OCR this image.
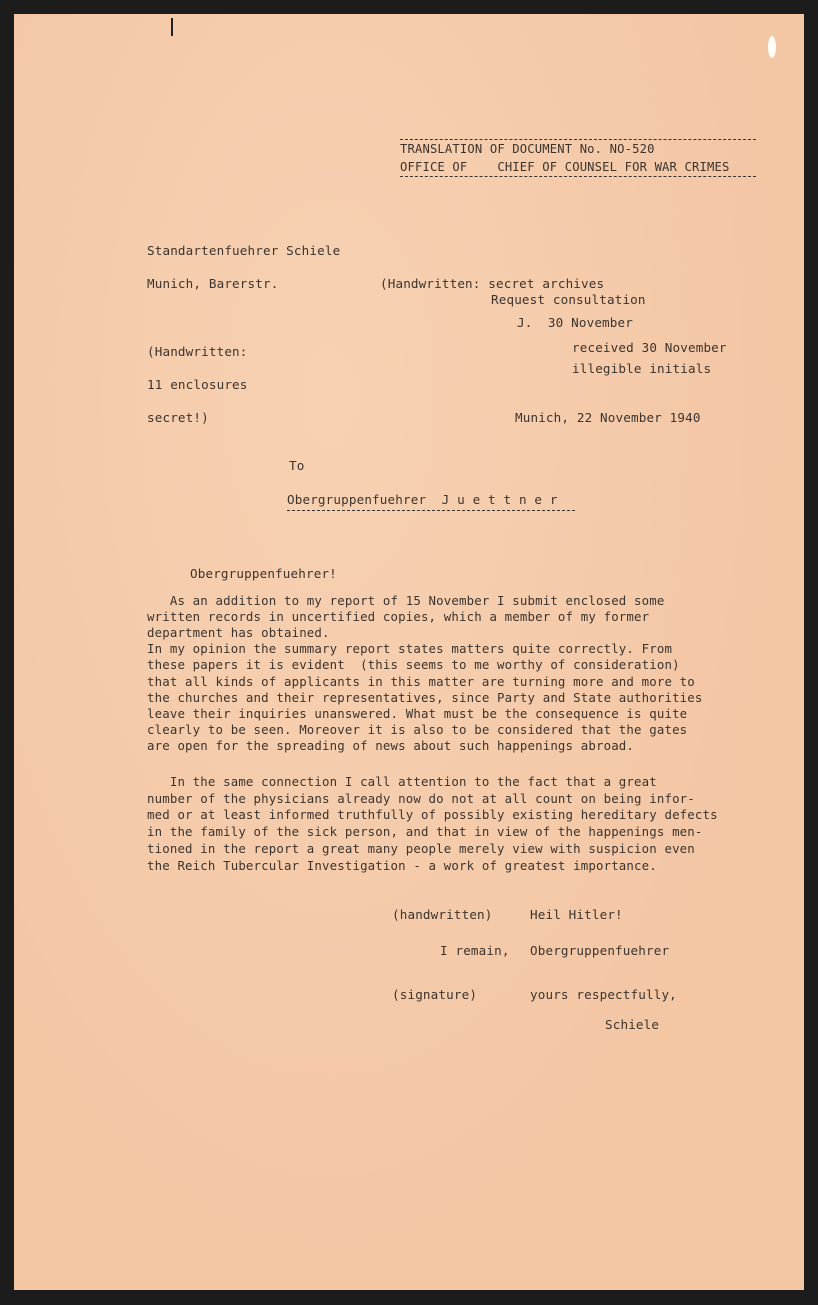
TRANSLATION OF DOCUMENT No. NO-520
OFFICE OF    CHIEF OF COUNSEL FOR WAR CRIMES
Standartenfuehrer Schiele
Munich, Barerstr.	(Handwritten: secret archives
Request consultation
J.  30 November
received 30 November
illegible initials
(Handwritten:
11 enclosures
secret!)	Munich, 22 November 1940
To
Obergruppenfuehrer  J u e t t n e r
Obergruppenfuehrer!
As an addition to my report of 15 November I submit enclosed some
written records in uncertified copies, which a member of my former
department has obtained.
In my opinion the summary report states matters quite correctly. From
these papers it is evident  (this seems to me worthy of consideration)
that all kinds of applicants in this matter are turning more and more to
the churches and their representatives, since Party and State authorities
leave their inquiries unanswered. What must be the consequence is quite
clearly to be seen. Moreover it is also to be considered that the gates
are open for the spreading of news about such happenings abroad.
In the same connection I call attention to the fact that a great
number of the physicians already now do not at all count on being infor-
med or at least informed truthfully of possibly existing hereditary defects
in the family of the sick person, and that in view of the happenings men-
tioned in the report a great many people merely view with suspicion even
the Reich Tubercular Investigation - a work of greatest importance.
(handwritten)	Heil Hitler!
I remain, Obergruppenfuehrer
(signature)	yours respectfully,
Schiele
